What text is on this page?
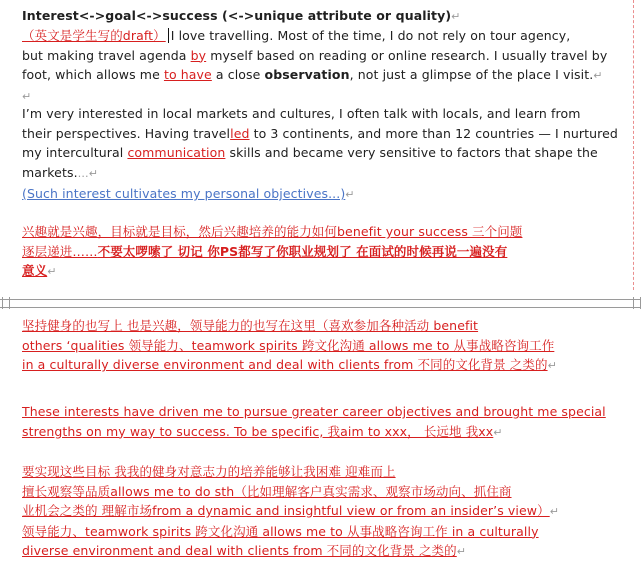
Interest<->goal<->success (<->unique attribute or quality)↵
（英文是学生写的draft） I love travelling. Most of the time, I do not rely on tour agency,
but making travel agenda by myself based on reading or online research. I usually travel by
foot, which allows me to have a close observation, not just a glimpse of the place I visit.↵
↵
I’m very interested in local markets and cultures, I often talk with locals, and learn from
their perspectives. Having travelled to 3 continents, and more than 12 countries — I nurtured
my intercultural communication skills and became very sensitive to factors that shape the
markets.…↵
(Such interest cultivates my personal objectives...)↵
兴趣就是兴趣，目标就是目标，然后兴趣培养的能力如何benefit your success 三个问题
逐层递进……不要太啰嗦了 切记 你PS都写了你职业规划了 在面试的时候再说一遍没有
意义↵
坚持健身的也写上 也是兴趣，领导能力的也写在这里（喜欢参加各种活动 benefit
others ‘qualities 领导能力、teamwork spirits 跨文化沟通 allows me to 从事战略咨询工作
in a culturally diverse environment and deal with clients from 不同的文化背景 之类的↵
These interests have driven me to pursue greater career objectives and brought me special
strengths on my way to success. To be specific, 我aim to xxx， 长远地 我xx↵
要实现这些目标 我我的健身对意志力的培养能够让我困难 迎难而上
擅长观察等品质allows me to do sth（比如理解客户真实需求、观察市场动向、抓住商
业机会之类的 理解市场from a dynamic and insightful view or from an insider’s view）↵
领导能力、teamwork spirits 跨文化沟通 allows me to 从事战略咨询工作 in a culturally
diverse environment and deal with clients from 不同的文化背景 之类的↵
